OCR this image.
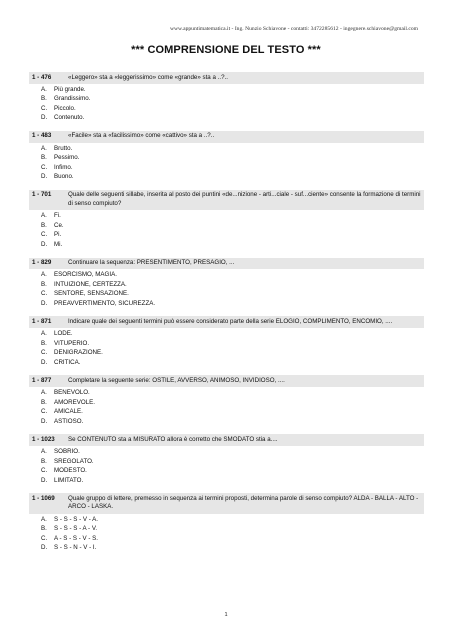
www.appuntimatematica.it - Ing. Nunzio Schiavone - contatti: 3472285612 - ingegnere.schiavone@gmail.com
*** COMPRENSIONE DEL TESTO ***
1 - 476	«Leggero» sta a «leggerissimo» come «grande» sta a ..?..
A.	Più grande.
B.	Grandissimo.
C.	Piccolo.
D.	Contenuto.
1 - 483	«Facile» sta a «facilissimo» come «cattivo» sta a ..?..
A.	Brutto.
B.	Pessimo.
C.	Infimo.
D.	Buono.
1 - 701	Quale delle seguenti sillabe, inserita al posto dei puntini «de...nizione - arti...ciale - suf...ciente» consente la formazione di termini di senso compiuto?
A.	Fi.
B.	Ce.
C.	Pi.
D.	Mi.
1 - 829	Continuare la sequenza: PRESENTIMENTO, PRESAGIO, ...
A.	ESORCISMO, MAGIA.
B.	INTUIZIONE, CERTEZZA.
C.	SENTORE, SENSAZIONE.
D.	PREAVVERTIMENTO, SICUREZZA.
1 - 871	Indicare quale dei seguenti termini può essere considerato parte della serie ELOGIO, COMPLIMENTO, ENCOMIO, ....
A.	LODE.
B.	VITUPERIO.
C.	DENIGRAZIONE.
D.	CRITICA.
1 - 877	Completare la seguente serie: OSTILE, AVVERSO, ANIMOSO, INVIDIOSO, ....
A.	BENEVOLO.
B.	AMOREVOLE.
C.	AMICALE.
D.	ASTIOSO.
1 - 1023	Se CONTENUTO sta a MISURATO allora è corretto che SMODATO stia a....
A.	SOBRIO.
B.	SREGOLATO.
C.	MODESTO.
D.	LIMITATO.
1 - 1069	Quale gruppo di lettere, premesso in sequenza ai termini proposti, determina parole di senso compiuto? ALDA - BALLA - ALTO - ARCO - LASKA.
A.	S - S - S - V - A.
B.	S - S - S - A - V.
C.	A - S - S - V - S.
D.	S - S - N - V - I.
1
